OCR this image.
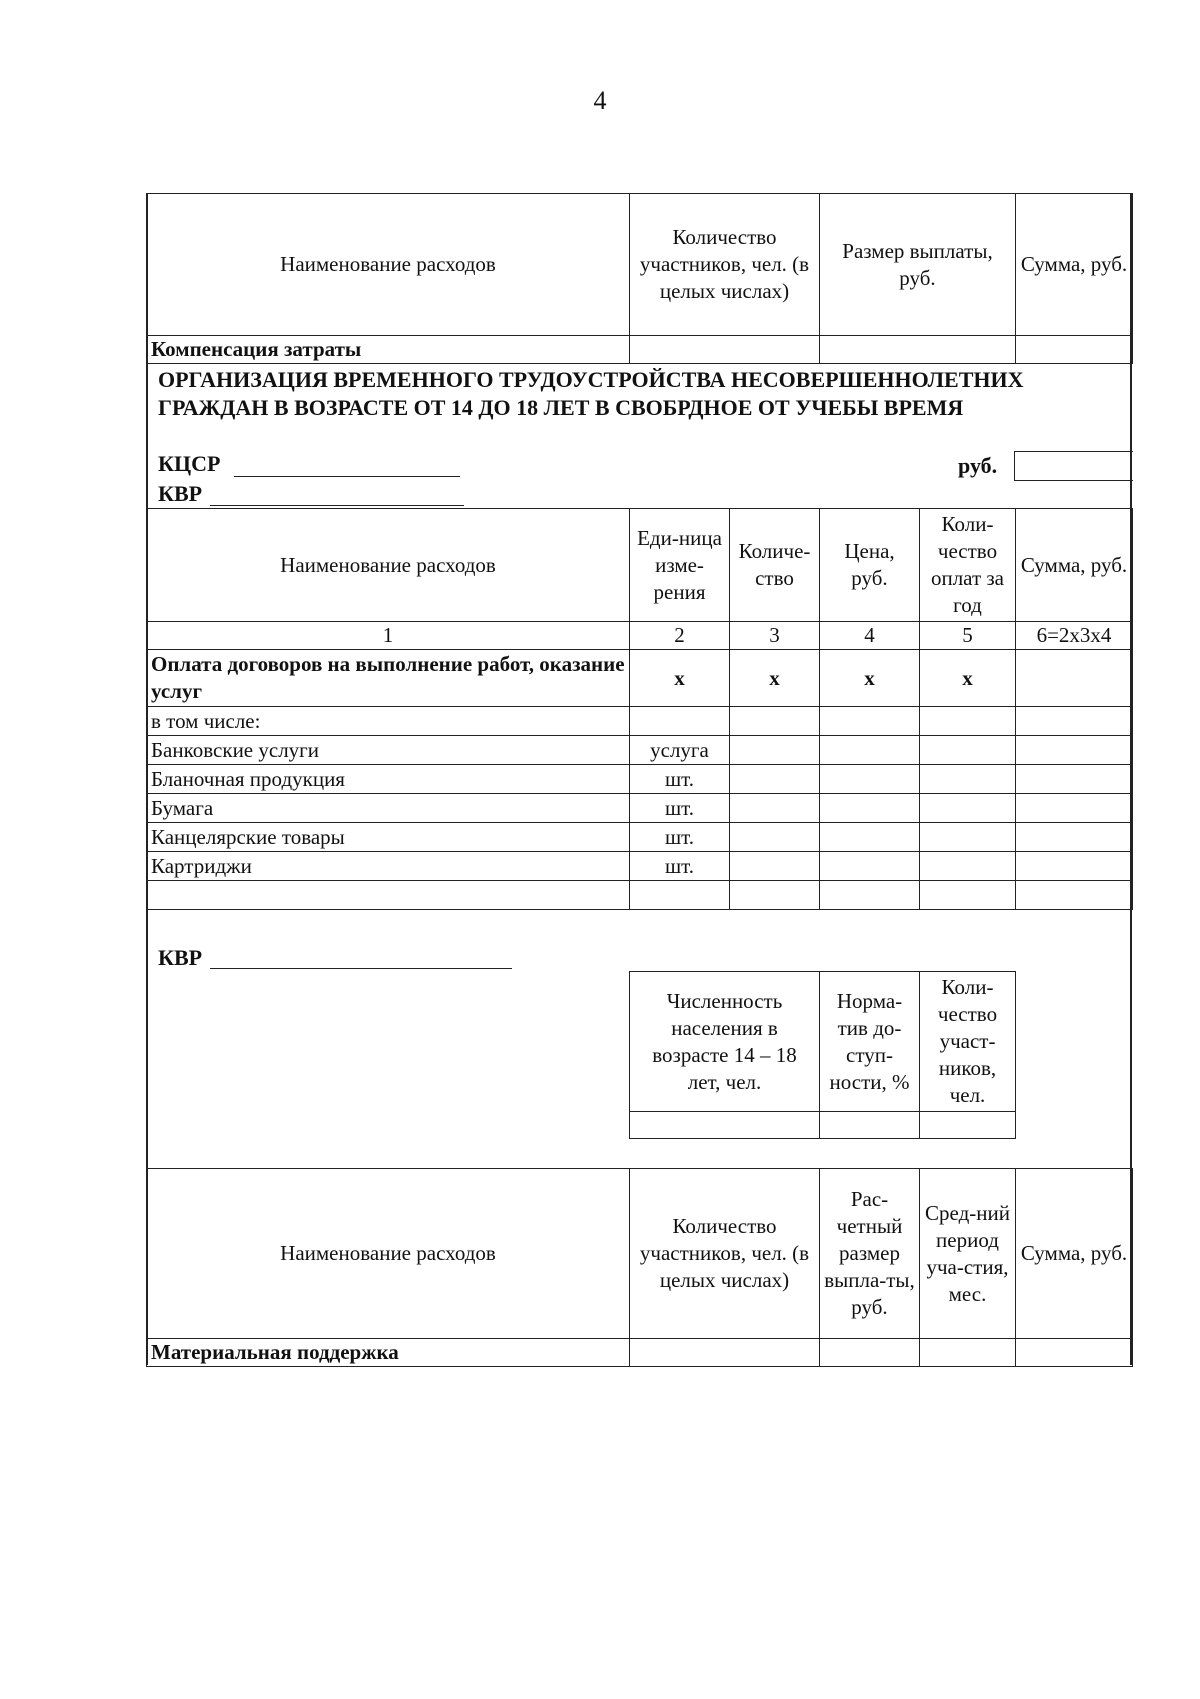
4
Наименование расходов	Количество участников, чел. (в целых числах)	Размер выплаты, руб.	Сумма, руб.
Компенсация затраты			
ОРГАНИЗАЦИЯ ВРЕМЕННОГО ТРУДОУСТРОЙСТВА НЕСОВЕРШЕННОЛЕТНИХ ГРАЖДАН В ВОЗРАСТЕ ОТ 14 ДО 18 ЛЕТ В СВОБРДНОЕ ОТ УЧЕБЫ ВРЕМЯ
КЦСР	руб.
КВР
Наименование расходов	Еди-ница изме-рения	Количе-ство	Цена, руб.	Коли-чество оплат за год	Сумма, руб.
1	2	3	4	5	6=2х3х4
Оплата договоров на выполнение работ, оказание услуг	х	х	х	х	
в том числе:					
Банковские услуги	услуга				
Бланочная продукция	шт.				
Бумага	шт.				
Канцелярские товары	шт.				
Картриджи	шт.				

КВР
Численность населения в возрасте 14 – 18 лет, чел.	Норма-тив до-ступ-ности, %	Коли-чество участ-ников, чел.

Наименование расходов	Количество участников, чел. (в целых числах)	Рас-четный размер выпла-ты, руб.	Сред-ний период уча-стия, мес.	Сумма, руб.
Материальная поддержка				
